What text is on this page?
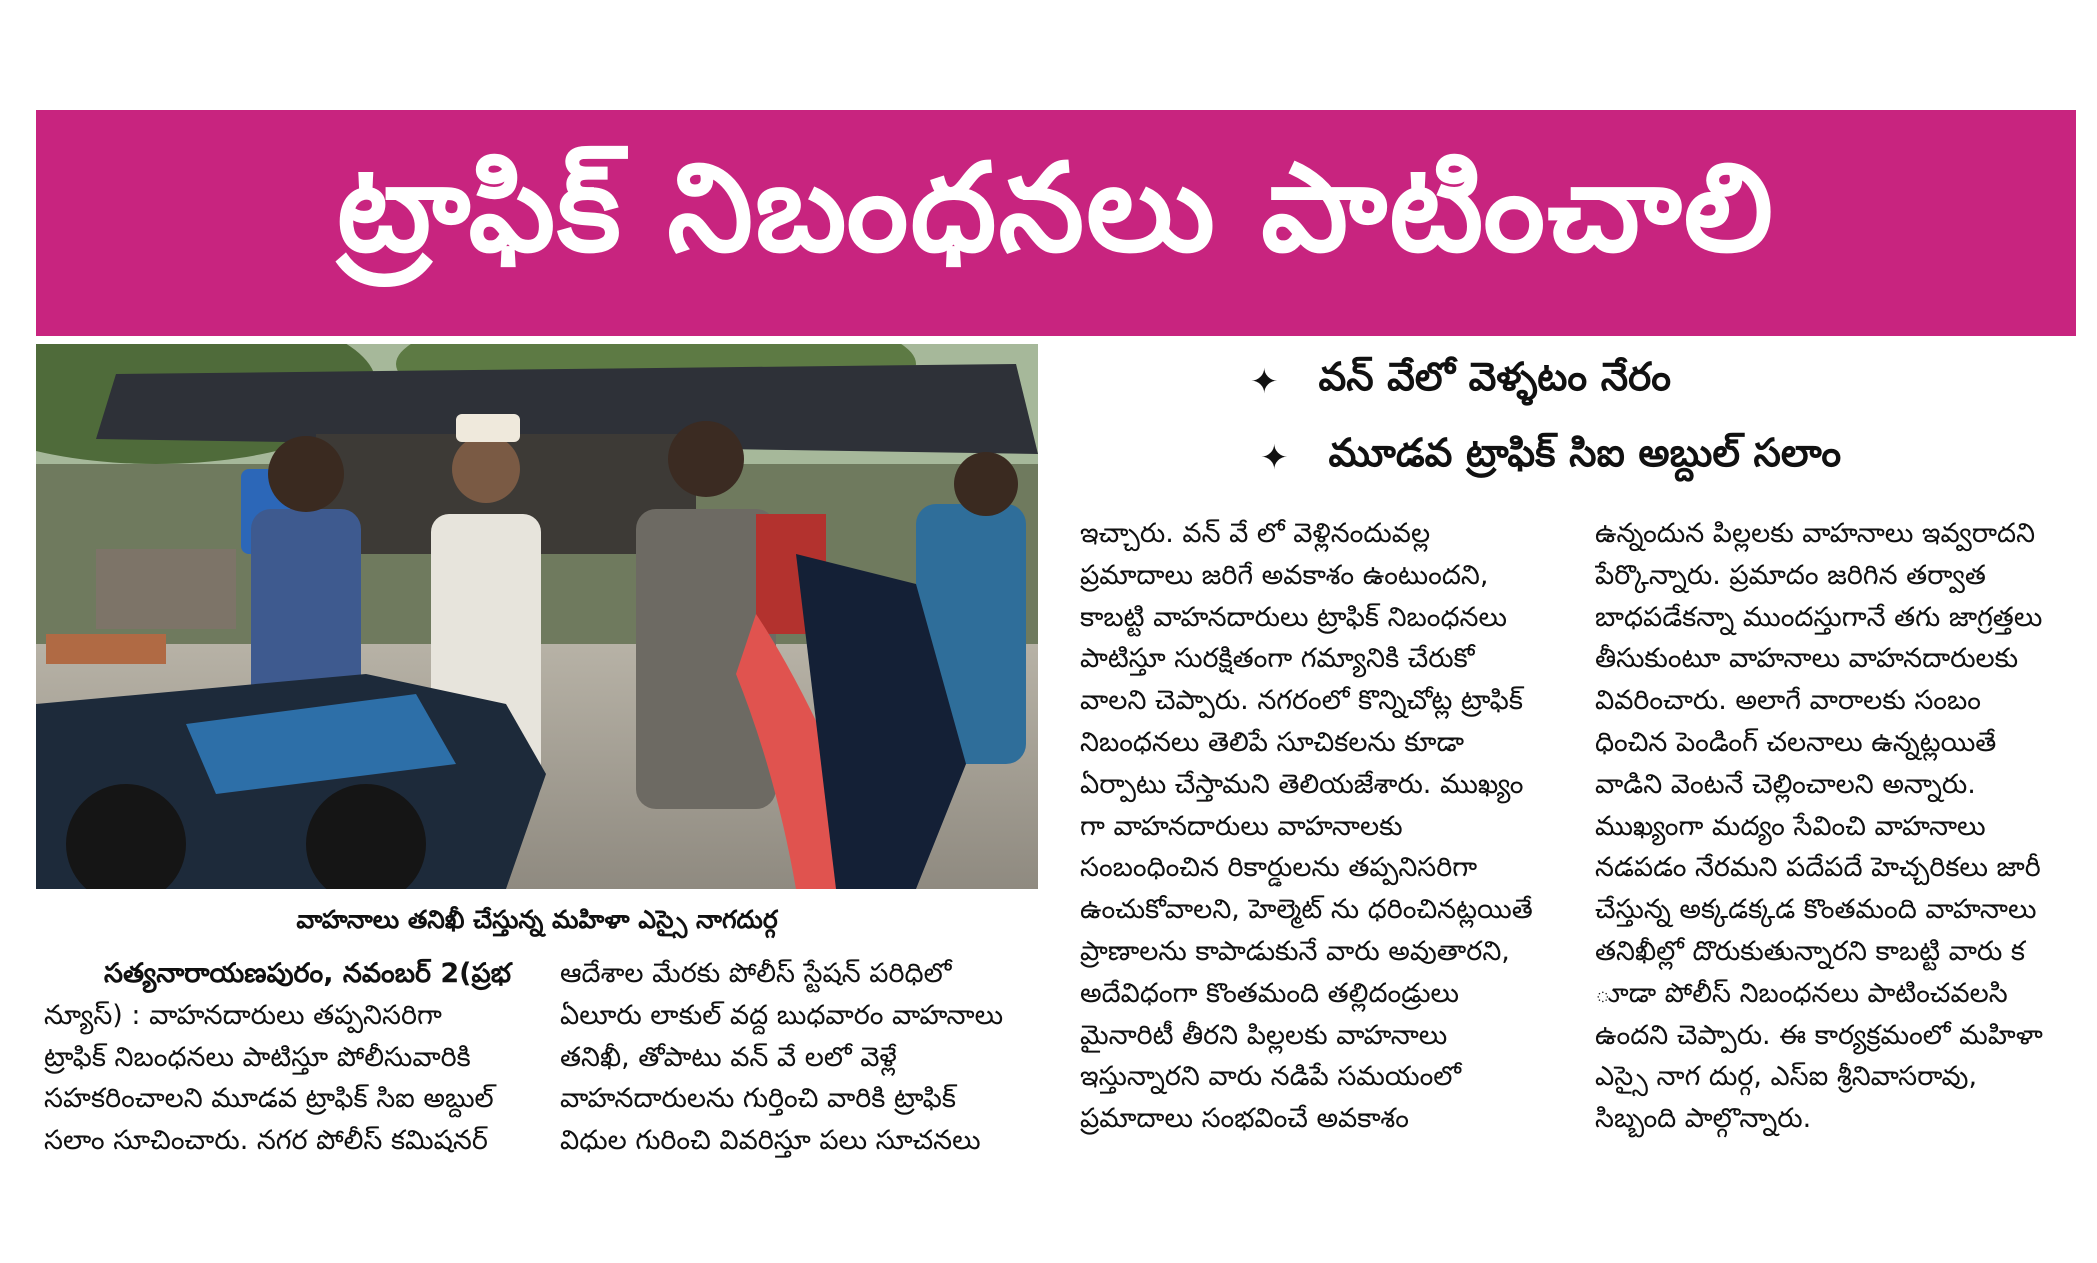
ట్రాఫిక్ నిబంధనలు పాటించాలి
వాహనాలు తనిఖీ చేస్తున్న మహిళా ఎస్సై నాగదుర్గ
✦ వన్ వేలో వెళ్ళటం నేరం
✦ మూడవ ట్రాఫిక్ సిఐ అబ్దుల్ సలాం
సత్యనారాయణపురం, నవంబర్ 2(ప్రభ
న్యూస్) : వాహనదారులు తప్పనిసరిగా
ట్రాఫిక్ నిబంధనలు పాటిస్తూ పోలీసువారికి
సహకరించాలని మూడవ ట్రాఫిక్ సిఐ అబ్దుల్
సలాం సూచించారు. నగర పోలీస్ కమిషనర్
ఆదేశాల మేరకు పోలీస్ స్టేషన్ పరిధిలో
ఏలూరు లాకుల్ వద్ద బుధవారం వాహనాలు
తనిఖీ, తోపాటు వన్ వే లలో వెళ్లే
వాహనదారులను గుర్తించి వారికి ట్రాఫిక్
విధుల గురించి వివరిస్తూ పలు సూచనలు
ఇచ్చారు. వన్ వే లో వెళ్లినందువల్ల
ప్రమాదాలు జరిగే అవకాశం ఉంటుందని,
కాబట్టి వాహనదారులు ట్రాఫిక్ నిబంధనలు
పాటిస్తూ సురక్షితంగా గమ్యానికి చేరుకో
వాలని చెప్పారు. నగరంలో కొన్నిచోట్ల ట్రాఫిక్
నిబంధనలు తెలిపే సూచికలను కూడా
ఏర్పాటు చేస్తామని తెలియజేశారు. ముఖ్యం
గా వాహనదారులు వాహనాలకు
సంబంధించిన రికార్డులను తప్పనిసరిగా
ఉంచుకోవాలని, హెల్మెట్ ను ధరించినట్లయితే
ప్రాణాలను కాపాడుకునే వారు అవుతారని,
అదేవిధంగా కొంతమంది తల్లిదండ్రులు
మైనారిటీ తీరని పిల్లలకు వాహనాలు
ఇస్తున్నారని వారు నడిపే సమయంలో
ప్రమాదాలు సంభవించే అవకాశం
ఉన్నందున పిల్లలకు వాహనాలు ఇవ్వరాదని
పేర్కొన్నారు. ప్రమాదం జరిగిన తర్వాత
బాధపడేకన్నా ముందస్తుగానే తగు జాగ్రత్తలు
తీసుకుంటూ వాహనాలు వాహనదారులకు
వివరించారు. అలాగే వారాలకు సంబం
ధించిన పెండింగ్ చలనాలు ఉన్నట్లయితే
వాడిని వెంటనే చెల్లించాలని అన్నారు.
ముఖ్యంగా మద్యం సేవించి వాహనాలు
నడపడం నేరమని పదేపదే హెచ్చరికలు జారీ
చేస్తున్న అక్కడక్కడ కొంతమంది వాహనాలు
తనిఖీల్లో దొరుకుతున్నారని కాబట్టి వారు క
ూడా పోలీస్ నిబంధనలు పాటించవలసి
ఉందని చెప్పారు. ఈ కార్యక్రమంలో మహిళా
ఎస్సై నాగ దుర్గ, ఎస్ఐ శ్రీనివాసరావు,
సిబ్బంది పాల్గొన్నారు.
